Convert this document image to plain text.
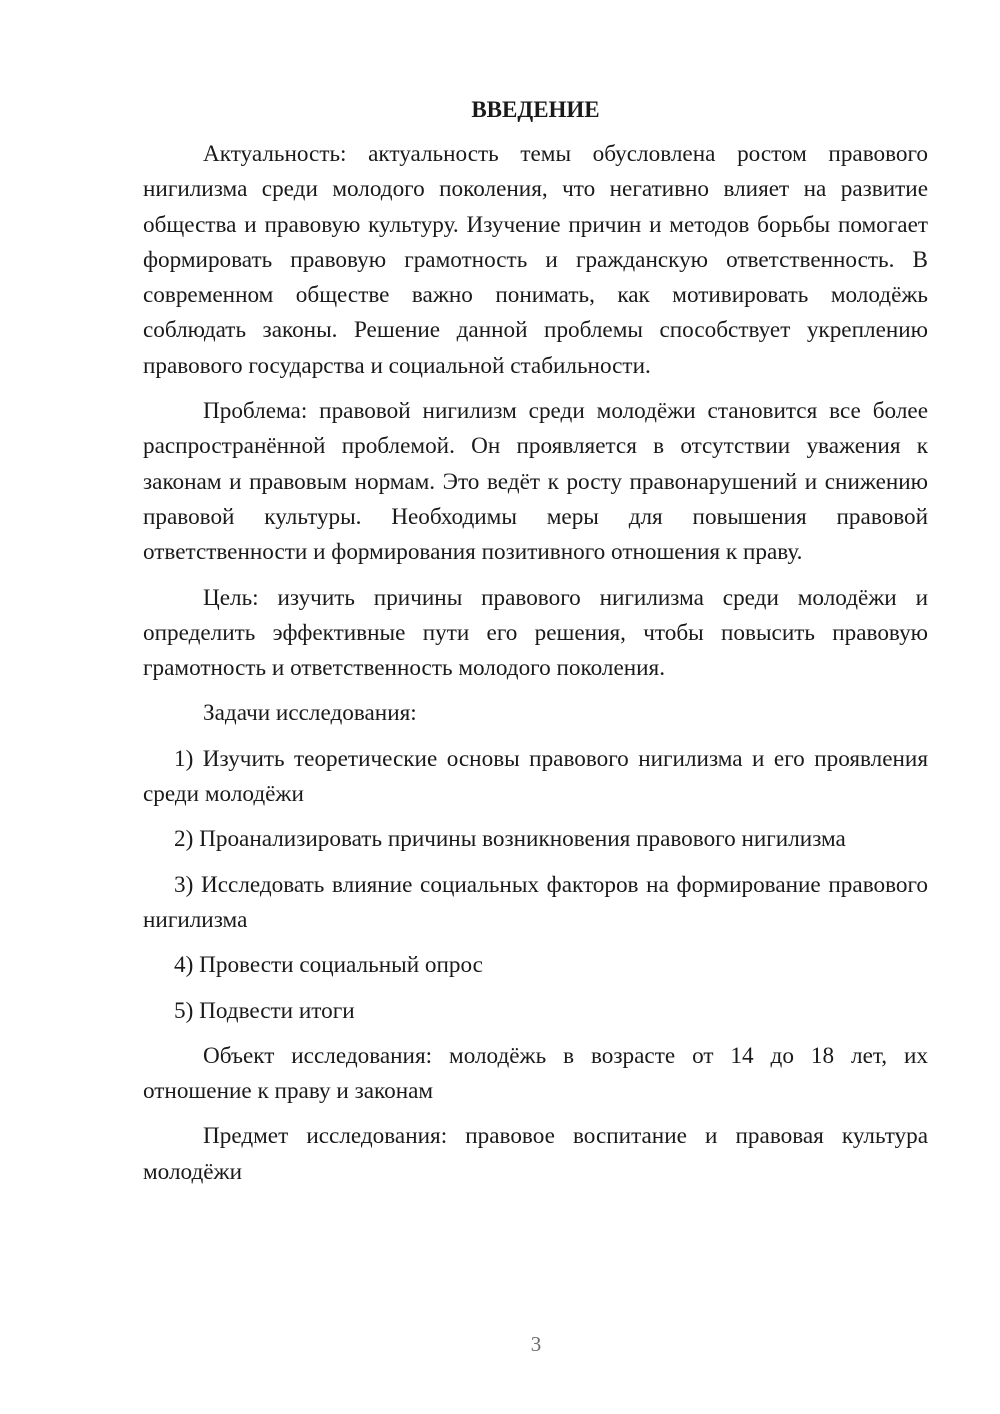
ВВЕДЕНИЕ

Актуальность: актуальность темы обусловлена ростом правового нигилизма среди молодого поколения, что негативно влияет на развитие общества и правовую культуру. Изучение причин и методов борьбы помогает формировать правовую грамотность и гражданскую ответственность. В современном обществе важно понимать, как мотивировать молодёжь соблюдать законы. Решение данной проблемы способствует укреплению правового государства и социальной стабильности.

Проблема: правовой нигилизм среди молодёжи становится все более распространённой проблемой. Он проявляется в отсутствии уважения к законам и правовым нормам. Это ведёт к росту правонарушений и снижению правовой культуры. Необходимы меры для повышения правовой ответственности и формирования позитивного отношения к праву.

Цель: изучить причины правового нигилизма среди молодёжи и определить эффективные пути его решения, чтобы повысить правовую грамотность и ответственность молодого поколения.

Задачи исследования:

1) Изучить теоретические основы правового нигилизма и его проявления среди молодёжи

2) Проанализировать причины возникновения правового нигилизма

3) Исследовать влияние социальных факторов на формирование правового нигилизма

4) Провести социальный опрос

5) Подвести итоги

Объект исследования: молодёжь в возрасте от 14 до 18 лет, их отношение к праву и законам

Предмет исследования: правовое воспитание и правовая культура молодёжи

3
